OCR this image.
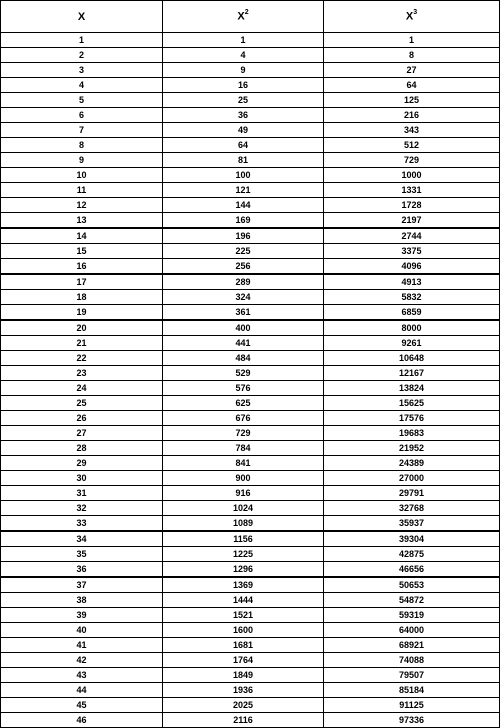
X	$X^2$	$X^3$
1	1	1
2	4	8
3	9	27
4	16	64
5	25	125
6	36	216
7	49	343
8	64	512
9	81	729
10	100	1000
11	121	1331
12	144	1728
13	169	2197
14	196	2744
15	225	3375
16	256	4096
17	289	4913
18	324	5832
19	361	6859
20	400	8000
21	441	9261
22	484	10648
23	529	12167
24	576	13824
25	625	15625
26	676	17576
27	729	19683
28	784	21952
29	841	24389
30	900	27000
31	916	29791
32	1024	32768
33	1089	35937
34	1156	39304
35	1225	42875
36	1296	46656
37	1369	50653
38	1444	54872
39	1521	59319
40	1600	64000
41	1681	68921
42	1764	74088
43	1849	79507
44	1936	85184
45	2025	91125
46	2116	97336
